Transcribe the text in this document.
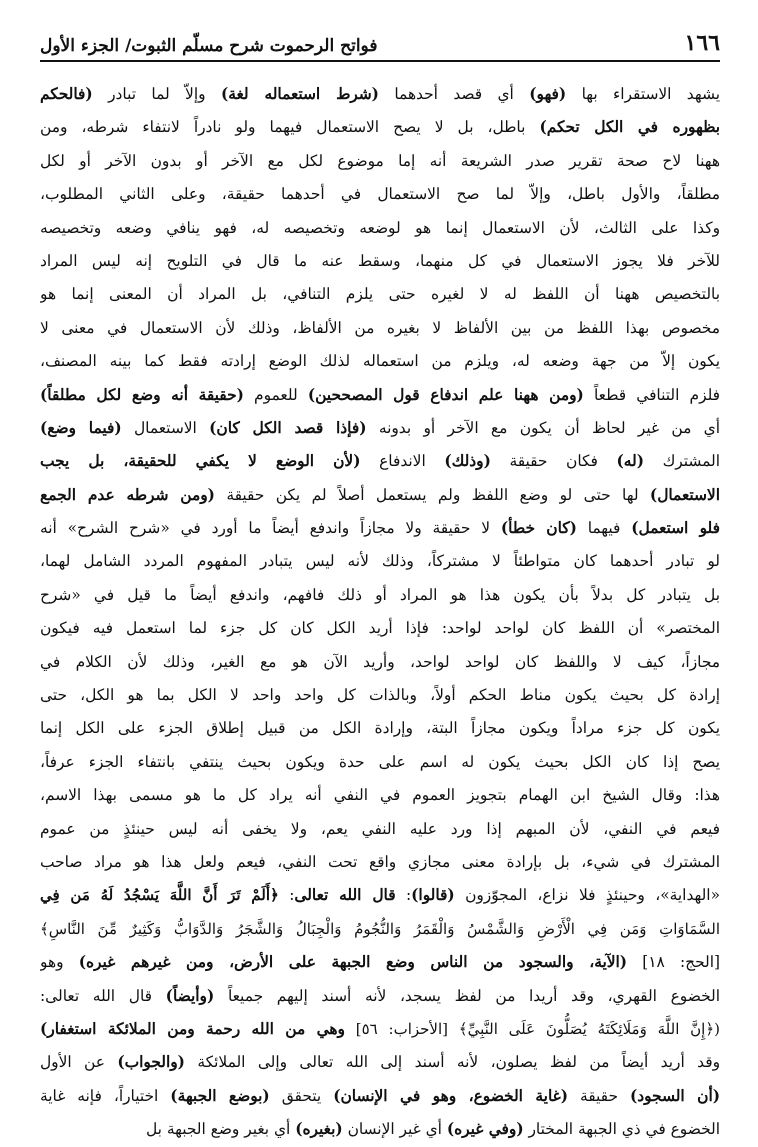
١٦٦
فواتح الرحموت شرح مسلّم الثبوت/ الجزء الأول
يشهد الاستقراء بها (فهو) أي قصد أحدهما (شرط استعماله لغة) وإلاّ لما تبادر (فالحكم
بظهوره في الكل تحكم) باطل، بل لا يصح الاستعمال فيهما ولو نادراً لانتفاء شرطه، ومن
ههنا لاح صحة تقرير صدر الشريعة أنه إما موضوع لكل مع الآخر أو بدون الآخر أو لكل
مطلقاً، والأول باطل، وإلاّ لما صح الاستعمال في أحدهما حقيقة، وعلى الثاني المطلوب،
وكذا على الثالث، لأن الاستعمال إنما هو لوضعه وتخصيصه له، فهو ينافي وضعه وتخصيصه
للآخر فلا يجوز الاستعمال في كل منهما، وسقط عنه ما قال في التلويح إنه ليس المراد
بالتخصيص ههنا أن اللفظ له لا لغيره حتى يلزم التنافي، بل المراد أن المعنى إنما هو
مخصوص بهذا اللفظ من بين الألفاظ لا بغيره من الألفاظ، وذلك لأن الاستعمال في معنى لا
يكون إلاّ من جهة وضعه له، ويلزم من استعماله لذلك الوضع إرادته فقط كما بينه المصنف،
فلزم التنافي قطعاً (ومن ههنا علم اندفاع قول المصححين) للعموم (حقيقة أنه وضع لكل مطلقاً)
أي من غير لحاظ أن يكون مع الآخر أو بدونه (فإذا قصد الكل كان) الاستعمال (فيما وضع)
المشترك (له) فكان حقيقة (وذلك) الاندفاع (لأن الوضع لا يكفي للحقيقة، بل يجب
الاستعمال) لها حتى لو وضع اللفظ ولم يستعمل أصلاً لم يكن حقيقة (ومن شرطه عدم الجمع
فلو استعمل) فيهما (كان خطأ) لا حقيقة ولا مجازاً واندفع أيضاً ما أورد في «شرح الشرح» أنه
لو تبادر أحدهما كان متواطئاً لا مشتركاً، وذلك لأنه ليس يتبادر المفهوم المردد الشامل لهما،
بل يتبادر كل بدلاً بأن يكون هذا هو المراد أو ذلك فافهم، واندفع أيضاً ما قيل في «شرح
المختصر» أن اللفظ كان لواحد لواحد: فإذا أريد الكل كان كل جزء لما استعمل فيه فيكون
مجازاً، كيف لا واللفظ كان لواحد لواحد، وأريد الآن هو مع الغير، وذلك لأن الكلام في
إرادة كل بحيث يكون مناط الحكم أولاً، وبالذات كل واحد واحد لا الكل بما هو الكل، حتى
يكون كل جزء مراداً ويكون مجازاً البتة، وإرادة الكل من قبيل إطلاق الجزء على الكل إنما
يصح إذا كان الكل بحيث يكون له اسم على حدة ويكون بحيث ينتفي بانتفاء الجزء عرفاً،
هذا: وقال الشيخ ابن الهمام بتجويز العموم في النفي أنه يراد كل ما هو مسمى بهذا الاسم،
فيعم في النفي، لأن المبهم إذا ورد عليه النفي يعم، ولا يخفى أنه ليس حينئذٍ من عموم
المشترك في شيء، بل بإرادة معنى مجازي واقع تحت النفي، فيعم ولعل هذا هو مراد صاحب
«الهداية»، وحينئذٍ فلا نزاع، المجوّزون (قالوا): قال الله تعالى: ﴿أَلَمْ تَرَ أَنَّ اللَّهَ يَسْجُدُ لَهُ مَن فِي
السَّمَاوَاتِ وَمَن فِي الْأَرْضِ وَالشَّمْسُ وَالْقَمَرُ وَالنُّجُومُ وَالْجِبَالُ وَالشَّجَرُ وَالدَّوَابُّ وَكَثِيرٌ مِّنَ النَّاسِ﴾
[الحج: ١٨] (الآية، والسجود من الناس وضع الجبهة على الأرض، ومن غيرهم غيره) وهو
الخضوع القهري، وقد أريدا من لفظ يسجد، لأنه أسند إليهم جميعاً (وأيضاً) قال الله تعالى:
(﴿إِنَّ اللَّهَ وَمَلَائِكَتَهُ يُصَلُّونَ عَلَى النَّبِيِّ﴾ [الأحزاب: ٥٦] وهي من الله رحمة ومن الملائكة استغفار)
وقد أريد أيضاً من لفظ يصلون، لأنه أسند إلى الله تعالى وإلى الملائكة (والجواب) عن الأول
(أن السجود) حقيقة (غاية الخضوع، وهو في الإنسان) يتحقق (بوضع الجبهة) اختياراً، فإنه غاية
الخضوع في ذي الجبهة المختار (وفي غيره) أي غير الإنسان (بغيره) أي بغير وضع الجبهة بل
